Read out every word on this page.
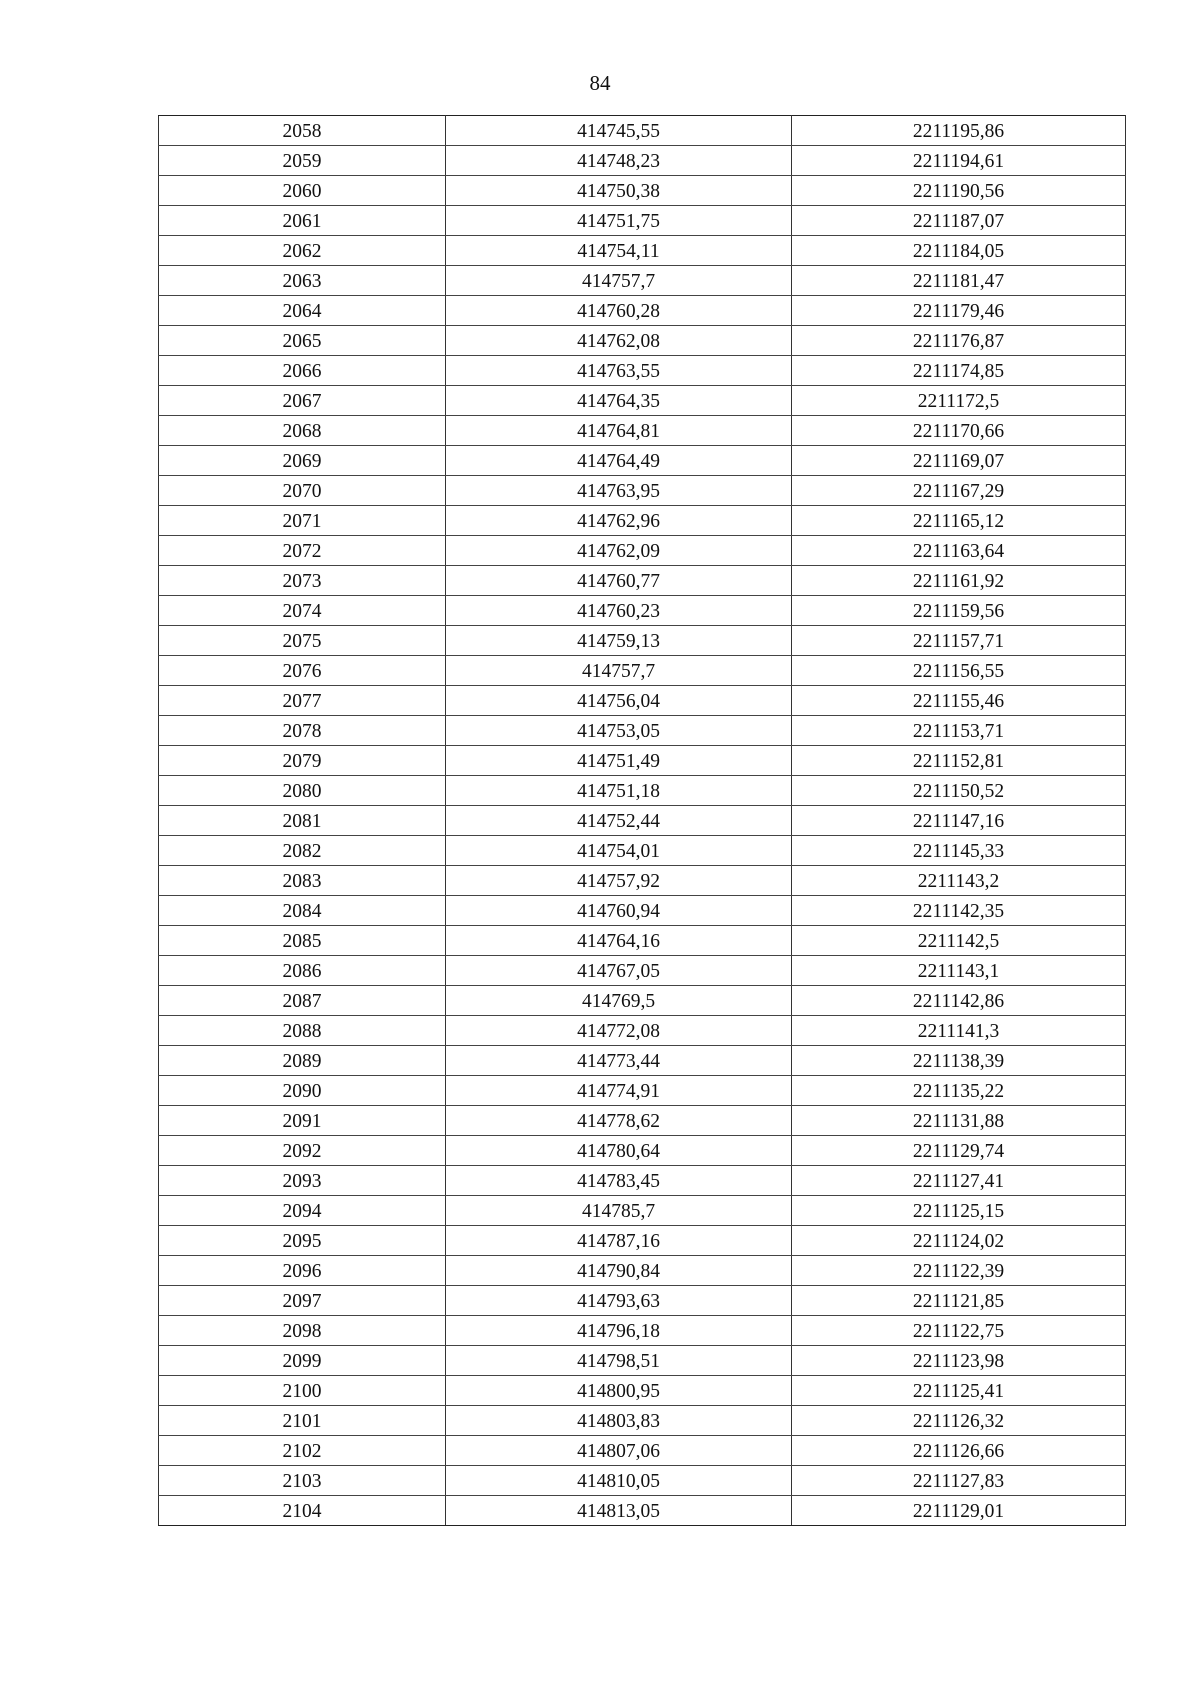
84
2058	414745,55	2211195,86
2059	414748,23	2211194,61
2060	414750,38	2211190,56
2061	414751,75	2211187,07
2062	414754,11	2211184,05
2063	414757,7	2211181,47
2064	414760,28	2211179,46
2065	414762,08	2211176,87
2066	414763,55	2211174,85
2067	414764,35	2211172,5
2068	414764,81	2211170,66
2069	414764,49	2211169,07
2070	414763,95	2211167,29
2071	414762,96	2211165,12
2072	414762,09	2211163,64
2073	414760,77	2211161,92
2074	414760,23	2211159,56
2075	414759,13	2211157,71
2076	414757,7	2211156,55
2077	414756,04	2211155,46
2078	414753,05	2211153,71
2079	414751,49	2211152,81
2080	414751,18	2211150,52
2081	414752,44	2211147,16
2082	414754,01	2211145,33
2083	414757,92	2211143,2
2084	414760,94	2211142,35
2085	414764,16	2211142,5
2086	414767,05	2211143,1
2087	414769,5	2211142,86
2088	414772,08	2211141,3
2089	414773,44	2211138,39
2090	414774,91	2211135,22
2091	414778,62	2211131,88
2092	414780,64	2211129,74
2093	414783,45	2211127,41
2094	414785,7	2211125,15
2095	414787,16	2211124,02
2096	414790,84	2211122,39
2097	414793,63	2211121,85
2098	414796,18	2211122,75
2099	414798,51	2211123,98
2100	414800,95	2211125,41
2101	414803,83	2211126,32
2102	414807,06	2211126,66
2103	414810,05	2211127,83
2104	414813,05	2211129,01
